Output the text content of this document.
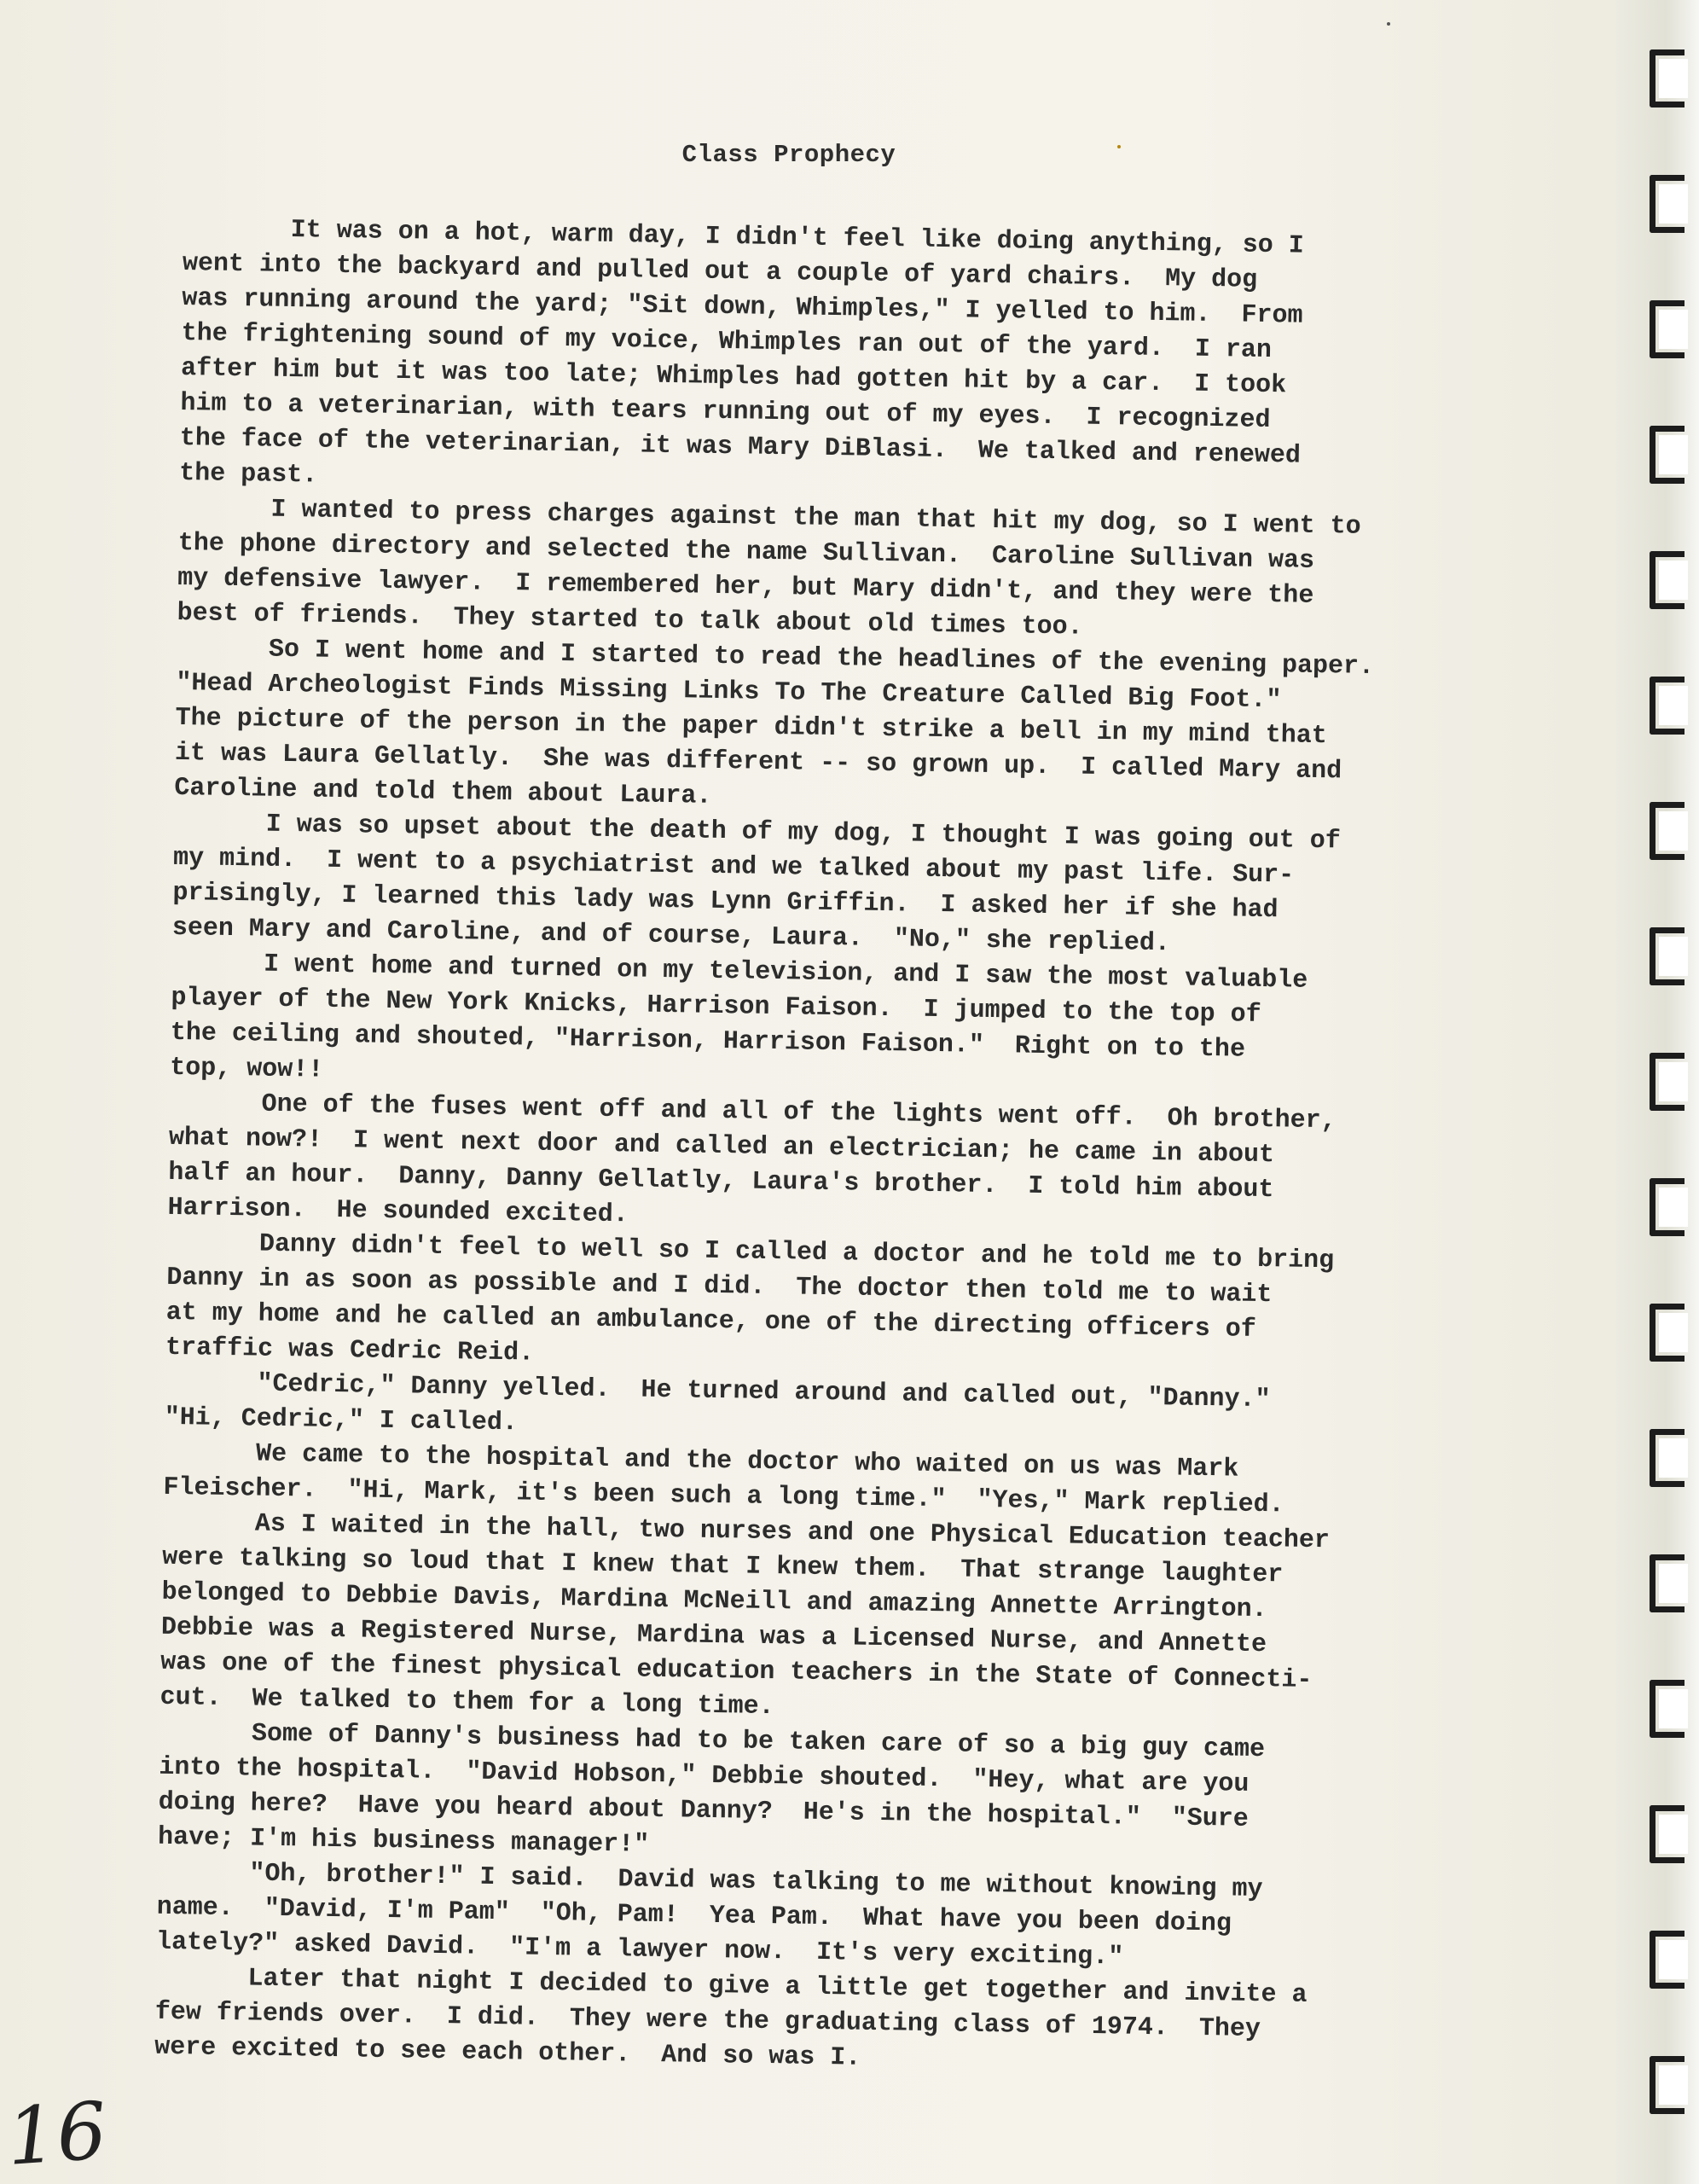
Class Prophecy

It was on a hot, warm day, I didn't feel like doing anything, so I
went into the backyard and pulled out a couple of yard chairs.  My dog
was running around the yard; "Sit down, Whimples," I yelled to him.  From
the frightening sound of my voice, Whimples ran out of the yard.  I ran
after him but it was too late; Whimples had gotten hit by a car.  I took
him to a veterinarian, with tears running out of my eyes.  I recognized
the face of the veterinarian, it was Mary DiBlasi.  We talked and renewed
the past.

I wanted to press charges against the man that hit my dog, so I went to
the phone directory and selected the name Sullivan.  Caroline Sullivan was
my defensive lawyer.  I remembered her, but Mary didn't, and they were the
best of friends.  They started to talk about old times too.

So I went home and I started to read the headlines of the evening paper.
"Head Archeologist Finds Missing Links To The Creature Called Big Foot."
The picture of the person in the paper didn't strike a bell in my mind that
it was Laura Gellatly.  She was different -- so grown up.  I called Mary and
Caroline and told them about Laura.

I was so upset about the death of my dog, I thought I was going out of
my mind.  I went to a psychiatrist and we talked about my past life. Sur-
prisingly, I learned this lady was Lynn Griffin.  I asked her if she had
seen Mary and Caroline, and of course, Laura.  "No," she replied.

I went home and turned on my television, and I saw the most valuable
player of the New York Knicks, Harrison Faison.  I jumped to the top of
the ceiling and shouted, "Harrison, Harrison Faison."  Right on to the
top, wow!!

One of the fuses went off and all of the lights went off.  Oh brother,
what now?!  I went next door and called an electrician; he came in about
half an hour.  Danny, Danny Gellatly, Laura's brother.  I told him about
Harrison.  He sounded excited.

Danny didn't feel to well so I called a doctor and he told me to bring
Danny in as soon as possible and I did.  The doctor then told me to wait
at my home and he called an ambulance, one of the directing officers of
traffic was Cedric Reid.

"Cedric," Danny yelled.  He turned around and called out, "Danny."
"Hi, Cedric," I called.

We came to the hospital and the doctor who waited on us was Mark
Fleischer.  "Hi, Mark, it's been such a long time."  "Yes," Mark replied.

As I waited in the hall, two nurses and one Physical Education teacher
were talking so loud that I knew that I knew them.  That strange laughter
belonged to Debbie Davis, Mardina McNeill and amazing Annette Arrington.
Debbie was a Registered Nurse, Mardina was a Licensed Nurse, and Annette
was one of the finest physical education teachers in the State of Connecti-
cut.  We talked to them for a long time.

Some of Danny's business had to be taken care of so a big guy came
into the hospital.  "David Hobson," Debbie shouted.  "Hey, what are you
doing here?  Have you heard about Danny?  He's in the hospital."  "Sure
have; I'm his business manager!"

"Oh, brother!" I said.  David was talking to me without knowing my
name.  "David, I'm Pam"  "Oh, Pam!  Yea Pam.  What have you been doing
lately?" asked David.  "I'm a lawyer now.  It's very exciting."

Later that night I decided to give a little get together and invite a
few friends over.  I did.  They were the graduating class of 1974.  They
were excited to see each other.  And so was I.

16
